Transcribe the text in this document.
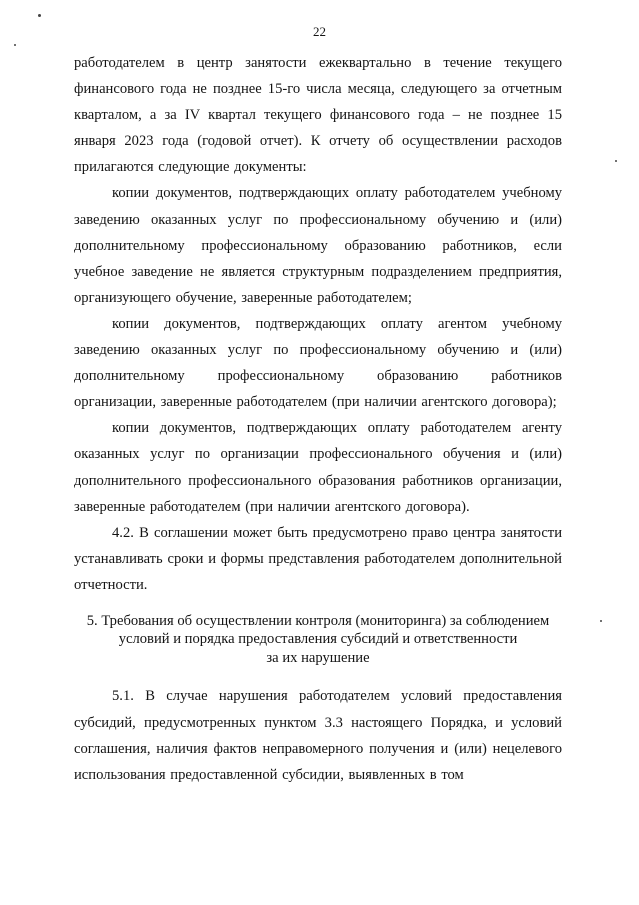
22

работодателем в центр занятости ежеквартально в течение текущего финансового года не позднее 15-го числа месяца, следующего за отчетным кварталом, а за IV квартал текущего финансового года – не позднее 15 января 2023 года (годовой отчет). К отчету об осуществлении расходов прилагаются следующие документы:

копии документов, подтверждающих оплату работодателем учебному заведению оказанных услуг по профессиональному обучению и (или) дополнительному профессиональному образованию работников, если учебное заведение не является структурным подразделением предприятия, организующего обучение, заверенные работодателем;

копии документов, подтверждающих оплату агентом учебному заведению оказанных услуг по профессиональному обучению и (или) дополнительному профессиональному образованию работников организации, заверенные работодателем (при наличии агентского договора);

копии документов, подтверждающих оплату работодателем агенту оказанных услуг по организации профессионального обучения и (или) дополнительного профессионального образования работников организации, заверенные работодателем (при наличии агентского договора).

4.2. В соглашении может быть предусмотрено право центра занятости устанавливать сроки и формы представления работодателем дополнительной отчетности.

5. Требования об осуществлении контроля (мониторинга) за соблюдением
условий и порядка предоставления субсидий и ответственности
за их нарушение

5.1. В случае нарушения работодателем условий предоставления субсидий, предусмотренных пунктом 3.3 настоящего Порядка, и условий соглашения, наличия фактов неправомерного получения и (или) нецелевого использования предоставленной субсидии, выявленных в том
